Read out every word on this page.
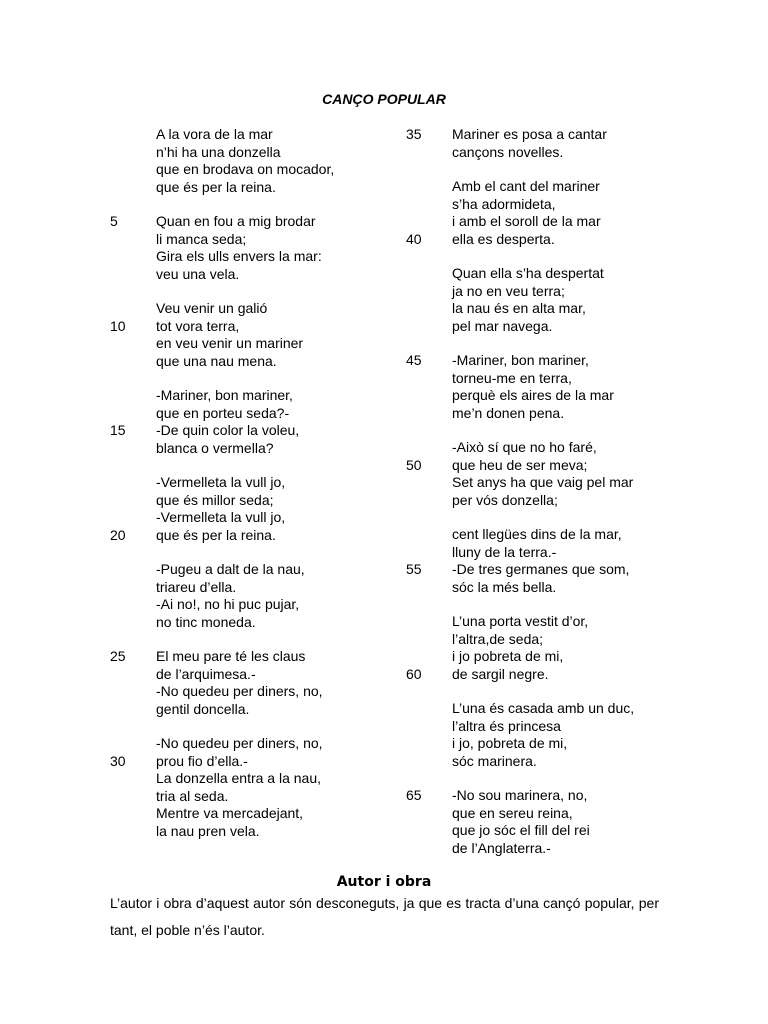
CANÇO POPULAR
A la vora de la mar
n’hi ha una donzella
que en brodava on mocador,
que és per la reina.
5	Quan en fou a mig brodar
li manca seda;
Gira els ulls envers la mar:
veu una vela.
Veu venir un galió
10	tot vora terra,
en veu venir un mariner
que una nau mena.
-Mariner, bon mariner,
que en porteu seda?-
15	-De quin color la voleu,
blanca o vermella?
-Vermelleta la vull jo,
que és millor seda;
-Vermelleta la vull jo,
20	que és per la reina.
-Pugeu a dalt de la nau,
triareu d’ella.
-Ai no!, no hi puc pujar,
no tinc moneda.
25	El meu pare té les claus
de l’arquimesa.-
-No quedeu per diners, no,
gentil doncella.
-No quedeu per diners, no,
30	prou fio d’ella.-
La donzella entra a la nau,
tria al seda.
Mentre va mercadejant,
la nau pren vela.
35	Mariner es posa a cantar
cançons novelles.
Amb el cant del mariner
s’ha adormideta,
i amb el soroll de la mar
40	ella es desperta.
Quan ella s’ha despertat
ja no en veu terra;
la nau és en alta mar,
pel mar navega.
45	-Mariner, bon mariner,
torneu-me en terra,
perquè els aires de la mar
me’n donen pena.
-Això sí que no ho faré,
50	que heu de ser meva;
Set anys ha que vaig pel mar
per vós donzella;
cent llegües dins de la mar,
lluny de la terra.-
55	-De tres germanes que som,
sóc la més bella.
L’una porta vestit d’or,
l’altra,de seda;
i jo pobreta de mi,
60	de sargil negre.
L’una és casada amb un duc,
l’altra és princesa
i jo, pobreta de mi,
sóc marinera.
65	-No sou marinera, no,
que en sereu reina,
que jo sóc el fill del rei
de l’Anglaterra.-
Autor i obra
L’autor i obra d’aquest autor són desconeguts, ja que es tracta d’una cançó popular, per tant, el poble n’és l’autor.
